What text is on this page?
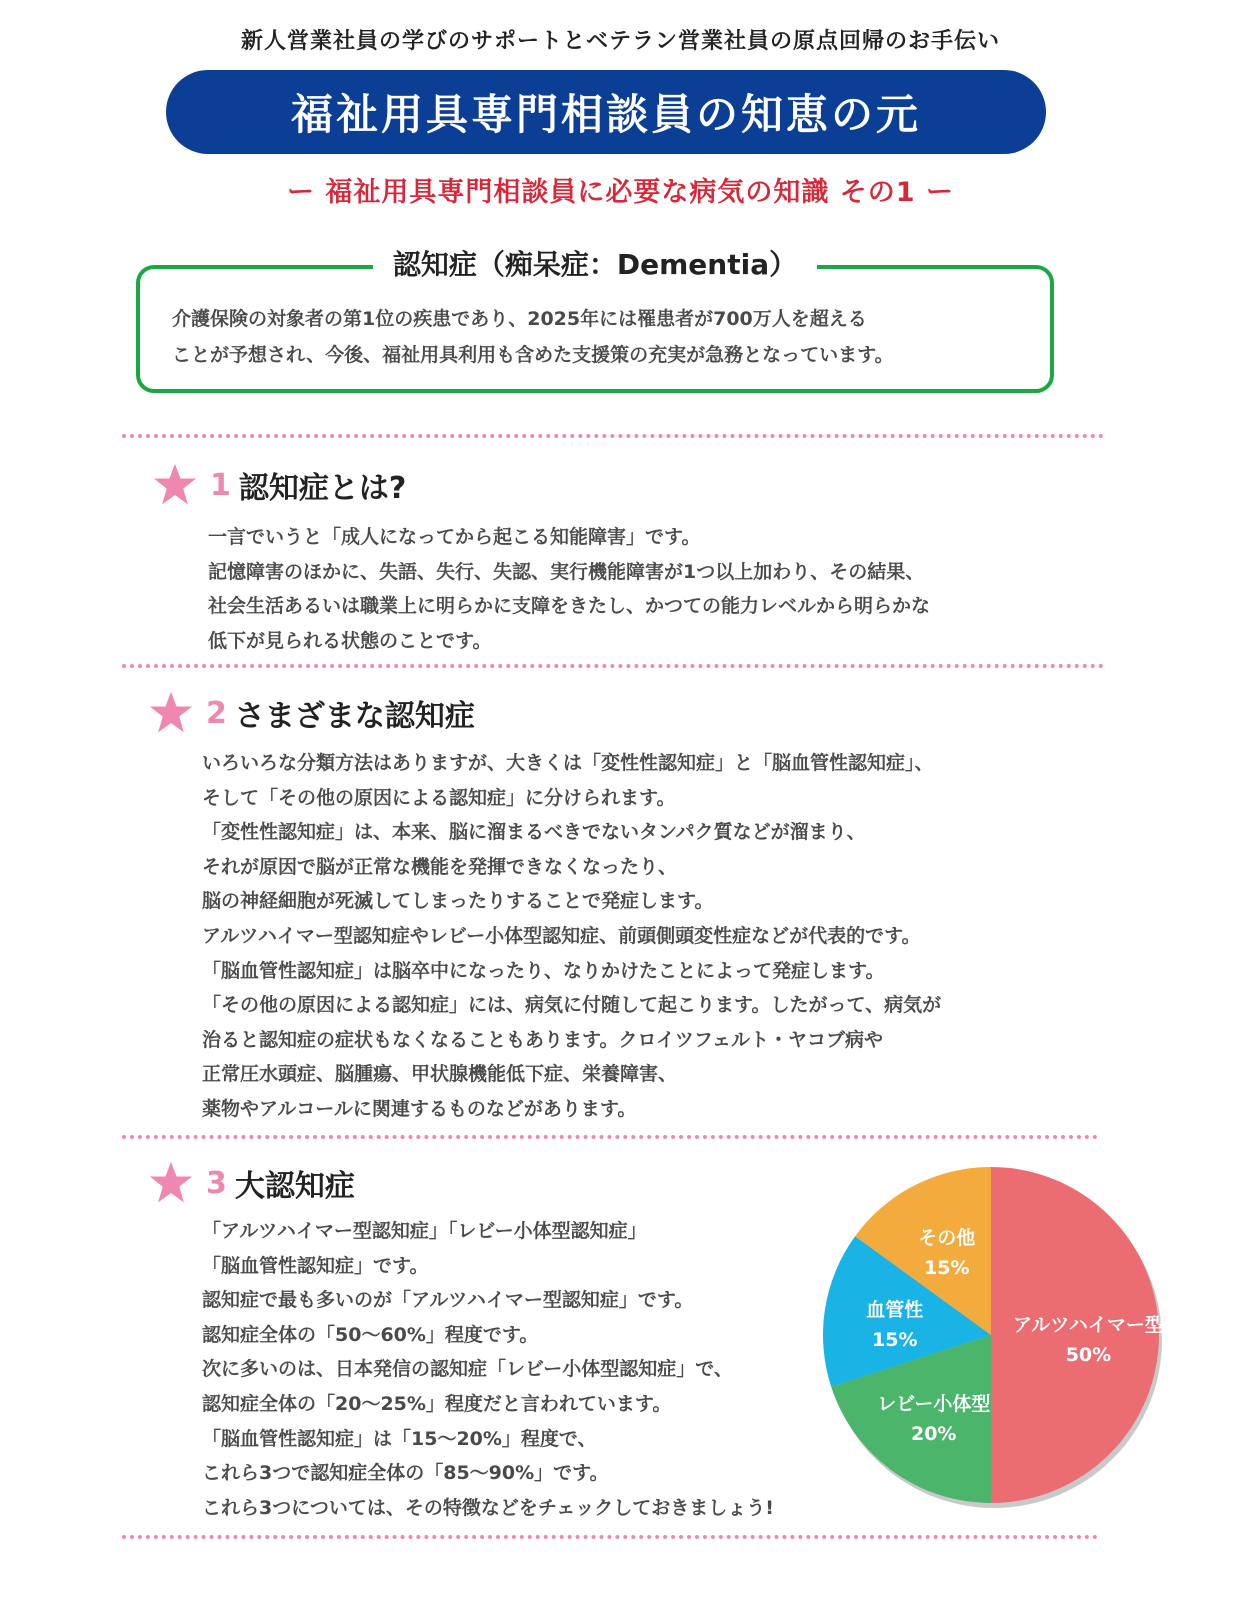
新人営業社員の学びのサポートとベテラン営業社員の原点回帰のお手伝い
福祉用具専門相談員の知恵の元
ー 福祉用具専門相談員に必要な病気の知識 その1 ー
認知症（痴呆症：Dementia）
介護保険の対象者の第1位の疾患であり、2025年には罹患者が700万人を超える
ことが予想され、今後、福祉用具利用も含めた支援策の充実が急務となっています。
1 認知症とは?
一言でいうと「成人になってから起こる知能障害」です。
記憶障害のほかに、失語、失行、失認、実行機能障害が1つ以上加わり、その結果、
社会生活あるいは職業上に明らかに支障をきたし、かつての能力レベルから明らかな
低下が見られる状態のことです。
2 さまざまな認知症
いろいろな分類方法はありますが、大きくは「変性性認知症」と「脳血管性認知症」、
そして「その他の原因による認知症」に分けられます。
「変性性認知症」は、本来、脳に溜まるべきでないタンパク質などが溜まり、
それが原因で脳が正常な機能を発揮できなくなったり、
脳の神経細胞が死滅してしまったりすることで発症します。
アルツハイマー型認知症やレビー小体型認知症、前頭側頭変性症などが代表的です。
「脳血管性認知症」は脳卒中になったり、なりかけたことによって発症します。
「その他の原因による認知症」には、病気に付随して起こります。したがって、病気が
治ると認知症の症状もなくなることもあります。クロイツフェルト・ヤコブ病や
正常圧水頭症、脳腫瘍、甲状腺機能低下症、栄養障害、
薬物やアルコールに関連するものなどがあります。
3 大認知症
「アルツハイマー型認知症」「レビー小体型認知症」
「脳血管性認知症」です。
認知症で最も多いのが「アルツハイマー型認知症」です。
認知症全体の「50～60%」程度です。
次に多いのは、日本発信の認知症「レビー小体型認知症」で、
認知症全体の「20～25%」程度だと言われています。
「脳血管性認知症」は「15～20%」程度で、
これら3つで認知症全体の「85～90%」です。
これら3つについては、その特徴などをチェックしておきましょう!
アルツハイマー型
50%
レビー小体型
20%
血管性
15%
その他
15%
